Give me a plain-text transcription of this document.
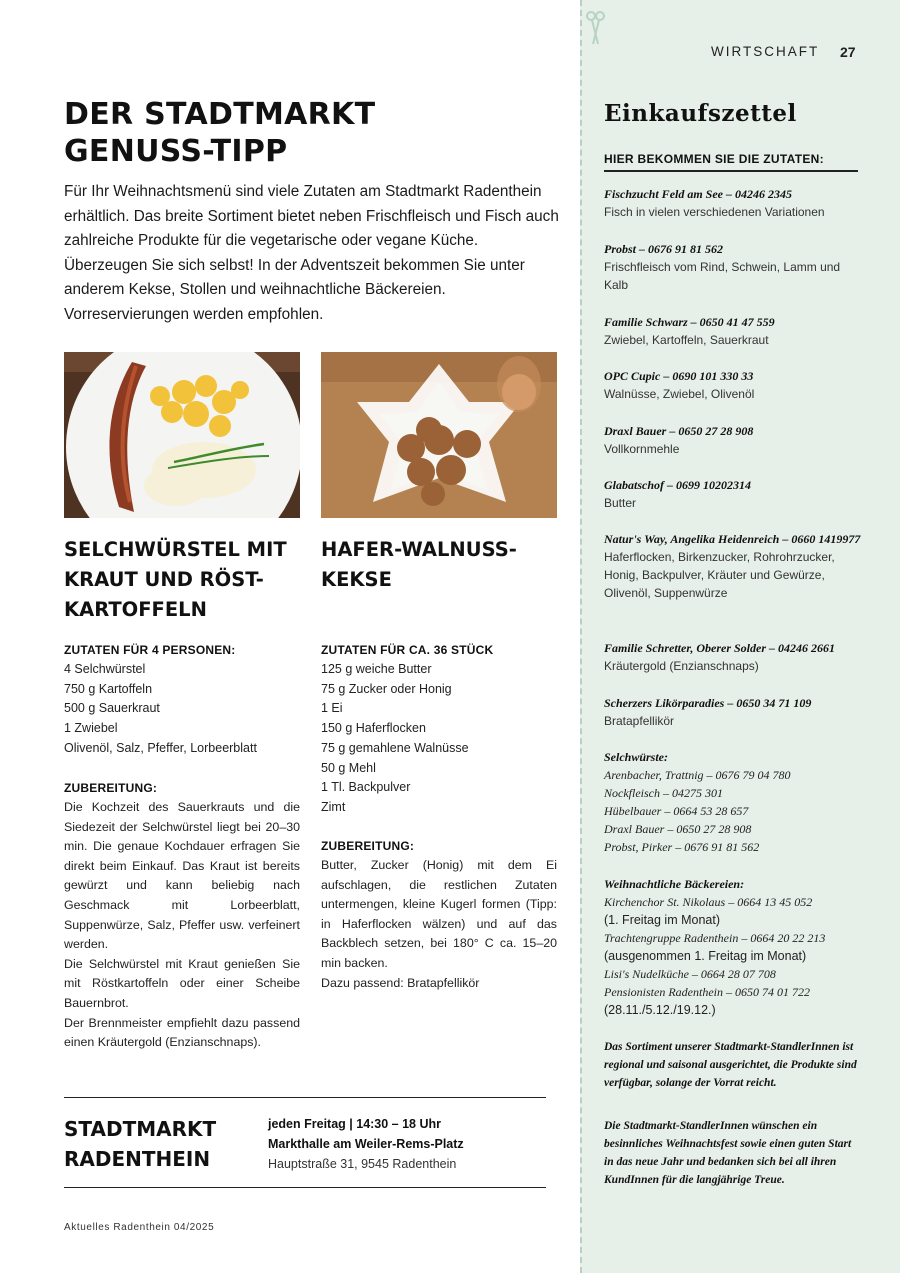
WIRTSCHAFT 27
DER STADTMARKT
GENUSS-TIPP

Für Ihr Weihnachtsmenü sind viele Zutaten am Stadtmarkt Radenthein erhältlich. Das breite Sortiment bietet neben Frischfleisch und Fisch auch zahlreiche Produkte für die vegetarische oder vegane Küche. Überzeugen Sie sich selbst! In der Adventszeit bekommen Sie unter anderem Kekse, Stollen und weihnachtliche Bäckereien. Vorreservierungen werden empfohlen.

SELCHWÜRSTEL MIT
KRAUT UND RÖST-
KARTOFFELN
ZUTATEN FÜR 4 PERSONEN:
4 Selchwürstel
750 g Kartoffeln
500 g Sauerkraut
1 Zwiebel
Olivenöl, Salz, Pfeffer, Lorbeerblatt
ZUBEREITUNG:

Die Kochzeit des Sauerkrauts und die Siedezeit der Selchwürstel liegt bei 20–30 min. Die genaue Kochdauer erfragen Sie direkt beim Einkauf. Das Kraut ist bereits gewürzt und kann beliebig nach Geschmack mit Lorbeerblatt, Suppenwürze, Salz, Pfeffer usw. verfeinert werden.

Die Selchwürstel mit Kraut genießen Sie mit Röstkartoffeln oder einer Scheibe Bauernbrot.

Der Brennmeister empfiehlt dazu passend einen Kräutergold (Enzianschnaps).

HAFER-WALNUSS-
KEKSE
ZUTATEN FÜR CA. 36 STÜCK
125 g weiche Butter
75 g Zucker oder Honig
1 Ei
150 g Haferflocken
75 g gemahlene Walnüsse
50 g Mehl
1 Tl. Backpulver
Zimt
ZUBEREITUNG:

Butter, Zucker (Honig) mit dem Ei aufschlagen, die restlichen Zutaten untermengen, kleine Kugerl formen (Tipp: in Haferflocken wälzen) und auf das Backblech setzen, bei 180° C ca. 15–20 min backen.

Dazu passend: Bratapfellikör

STADTMARKT
RADENTHEIN
jeden Freitag | 14:30 – 18 Uhr
Markthalle am Weiler-Rems-Platz
Hauptstraße 31, 9545 Radenthein
Aktuelles Radenthein 04/2025
Einkaufszettel
HIER BEKOMMEN SIE DIE ZUTATEN:
Fischzucht Feld am See – 04246 2345
Fisch in vielen verschiedenen Variationen
Probst – 0676 91 81 562
Frischfleisch vom Rind, Schwein, Lamm und Kalb
Familie Schwarz – 0650 41 47 559
Zwiebel, Kartoffeln, Sauerkraut
OPC Cupic – 0690 101 330 33
Walnüsse, Zwiebel, Olivenöl
Draxl Bauer – 0650 27 28 908
Vollkornmehle
Glabatschof – 0699 10202314
Butter
Natur's Way, Angelika Heidenreich – 0660 1419977
Haferflocken, Birkenzucker, Rohrohrzucker, Honig, Backpulver, Kräuter und Gewürze, Olivenöl, Suppenwürze
Familie Schretter, Oberer Solder – 04246 2661
Kräutergold (Enzianschnaps)
Scherzers Likörparadies – 0650 34 71 109
Bratapfellikör
Selchwürste:
Arenbacher, Trattnig – 0676 79 04 780
Nockfleisch – 04275 301
Hübelbauer – 0664 53 28 657
Draxl Bauer – 0650 27 28 908
Probst, Pirker – 0676 91 81 562
Weihnachtliche Bäckereien:
Kirchenchor St. Nikolaus – 0664 13 45 052
(1. Freitag im Monat)
Trachtengruppe Radenthein – 0664 20 22 213
(ausgenommen 1. Freitag im Monat)
Lisi's Nudelküche – 0664 28 07 708
Pensionisten Radenthein – 0650 74 01 722
(28.11./5.12./19.12.)
Das Sortiment unserer Stadtmarkt-StandlerInnen ist regional und saisonal ausgerichtet, die Produkte sind verfügbar, solange der Vorrat reicht.
Die Stadtmarkt-StandlerInnen wünschen ein besinnliches Weihnachtsfest sowie einen guten Start in das neue Jahr und bedanken sich bei all ihren KundInnen für die langjährige Treue.
